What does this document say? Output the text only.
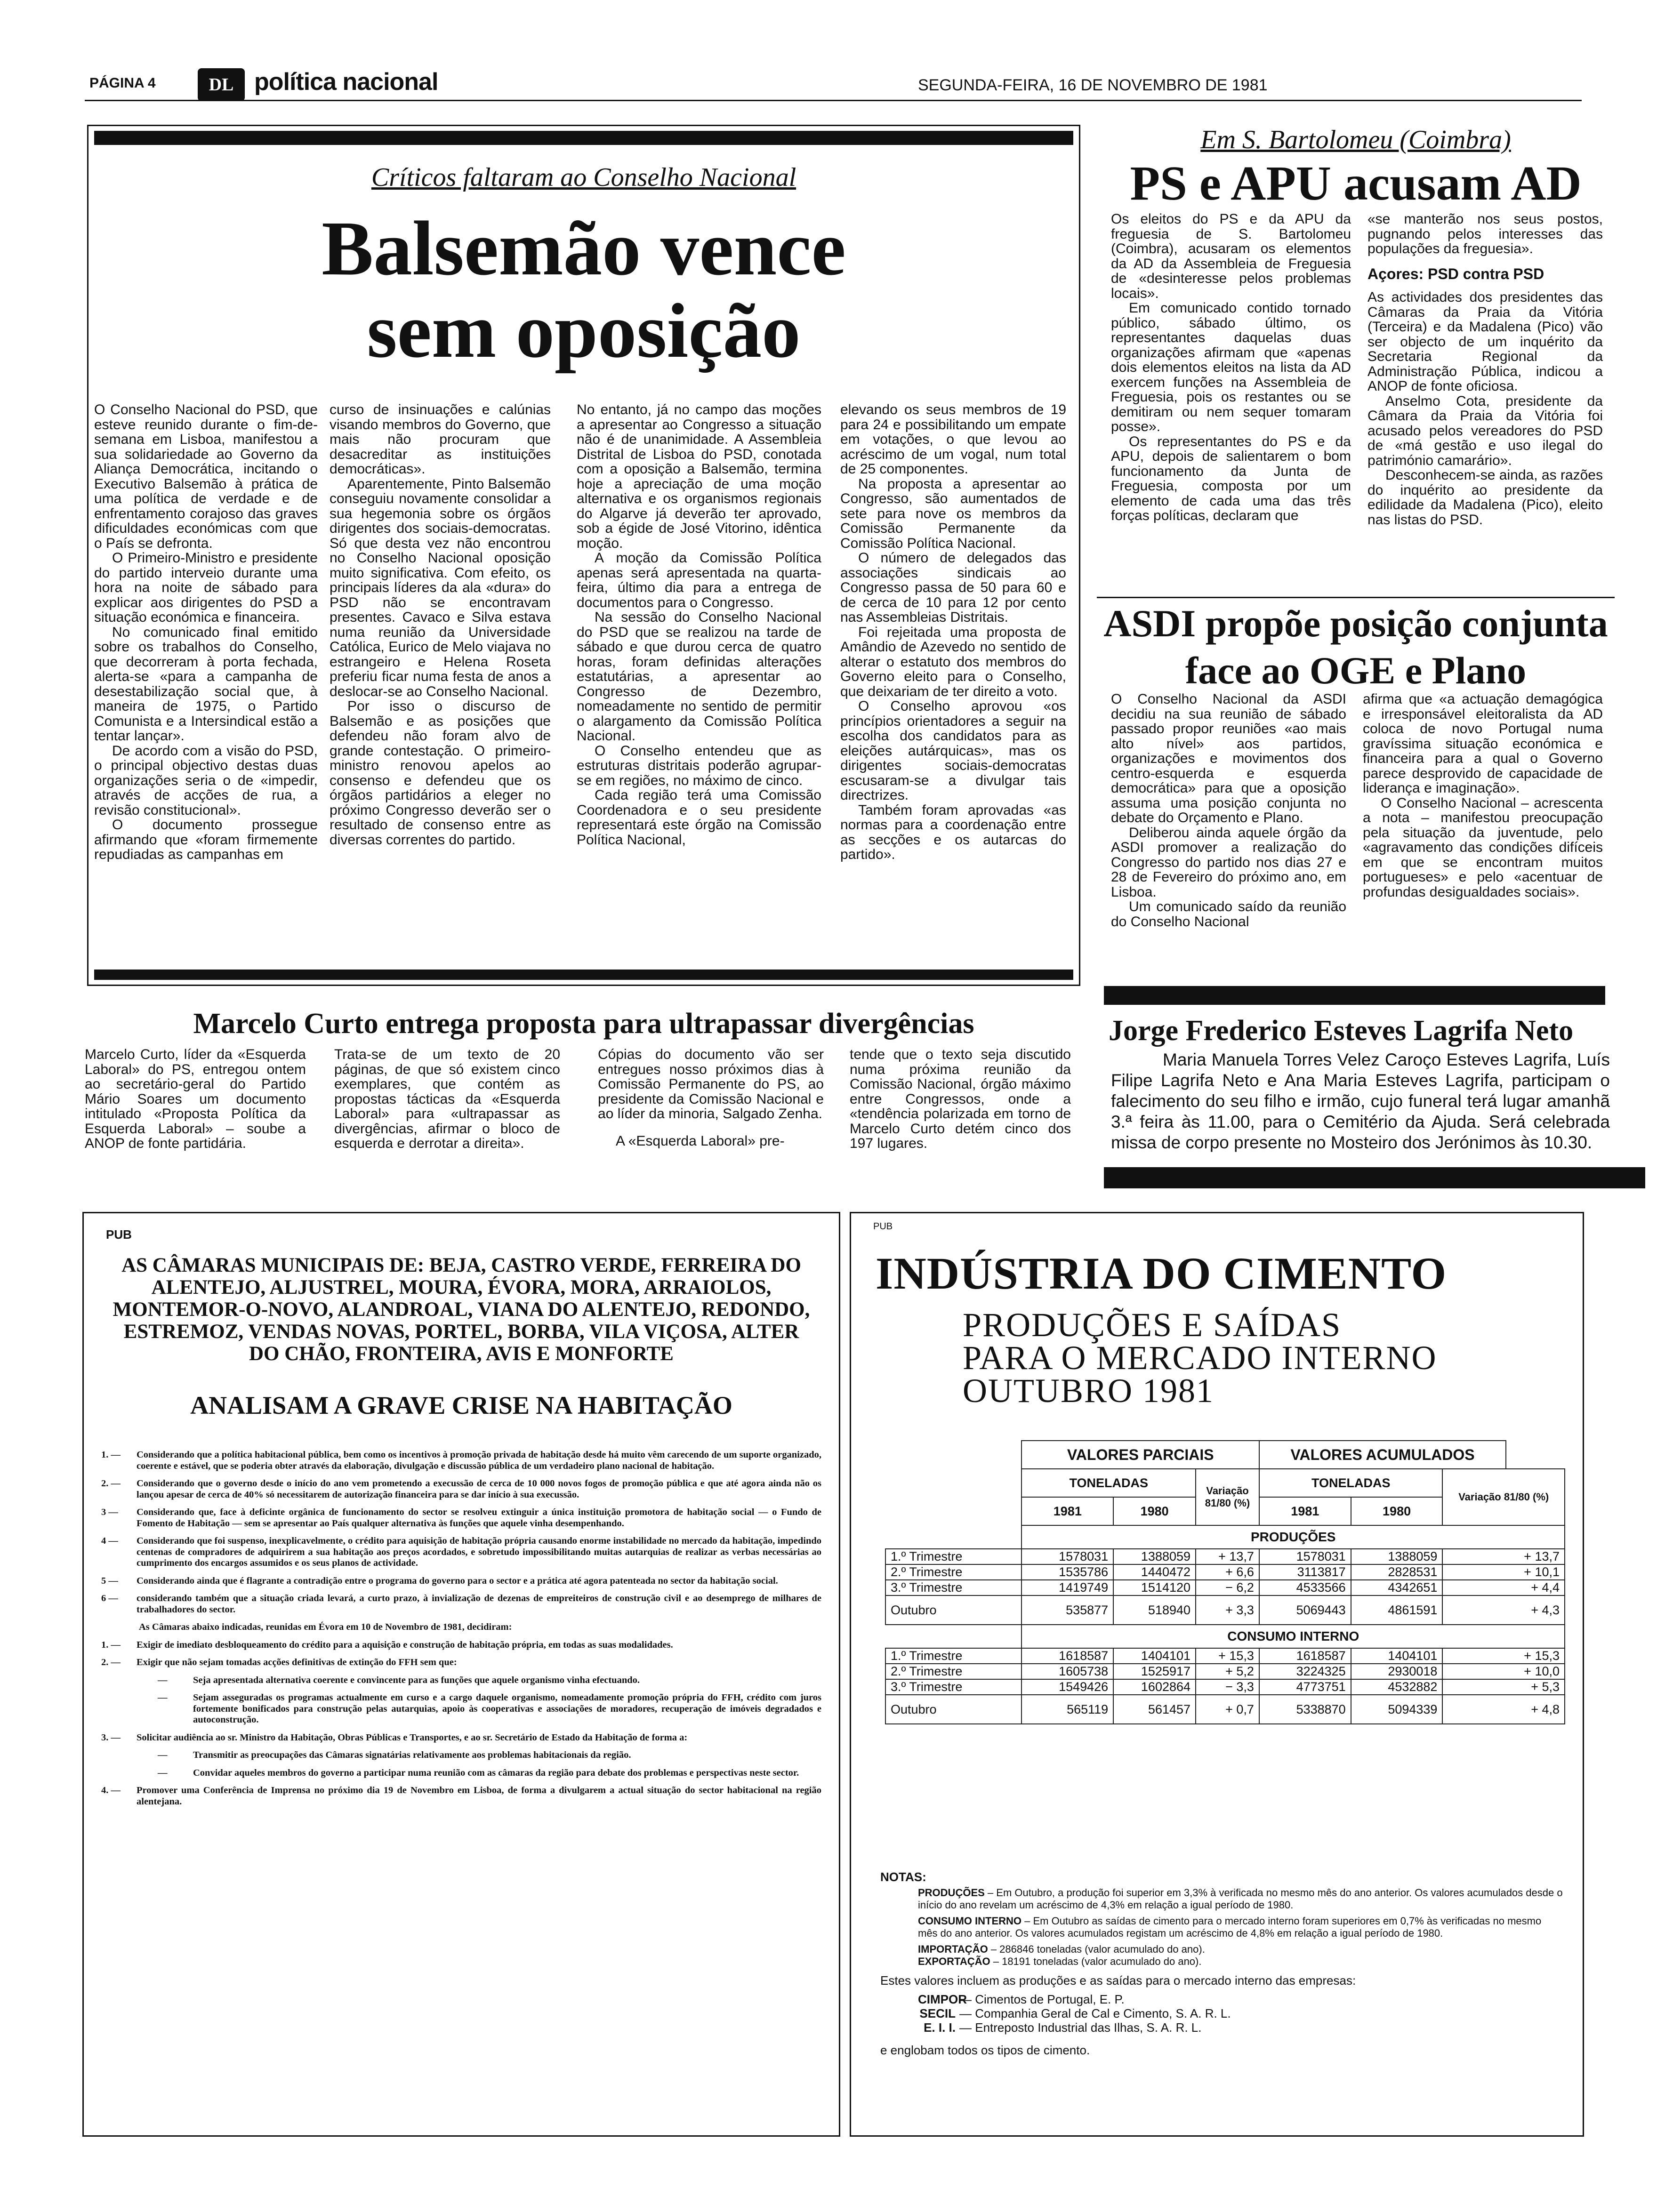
PÁGINA 4	DL política nacional	SEGUNDA-FEIRA, 16 DE NOVEMBRO DE 1981
Críticos faltaram ao Conselho Nacional
Balsemão vence
sem oposição

O Conselho Nacional do PSD, que esteve reunido durante o fim-de-semana em Lisboa, manifestou a sua solidariedade ao Governo da Aliança Democrática, incitando o Executivo Balsemão à prática de uma política de verdade e de enfrentamento corajoso das graves dificuldades económicas com que o País se defronta.

O Primeiro-Ministro e presidente do partido interveio durante uma hora na noite de sábado para explicar aos dirigentes do PSD a situação económica e financeira.

No comunicado final emitido sobre os trabalhos do Conselho, que decorreram à porta fechada, alerta-se «para a campanha de desestabilização social que, à maneira de 1975, o Partido Comunista e a Intersindical estão a tentar lançar».

De acordo com a visão do PSD, o principal objectivo destas duas organizações seria o de «impedir, através de acções de rua, a revisão constitucional».

O documento prossegue afirmando que «foram firmemente repudiadas as campanhas em

curso de insinuações e calúnias visando membros do Governo, que mais não procuram que desacreditar as instituições democráticas».

Aparentemente, Pinto Balsemão conseguiu novamente consolidar a sua hegemonia sobre os órgãos dirigentes dos sociais-democratas. Só que desta vez não encontrou no Conselho Nacional oposição muito significativa. Com efeito, os principais líderes da ala «dura» do PSD não se encontravam presentes. Cavaco e Silva estava numa reunião da Universidade Católica, Eurico de Melo viajava no estrangeiro e Helena Roseta preferiu ficar numa festa de anos a deslocar-se ao Conselho Nacional.

Por isso o discurso de Balsemão e as posições que defendeu não foram alvo de grande contestação. O primeiro-ministro renovou apelos ao consenso e defendeu que os órgãos partidários a eleger no próximo Congresso deverão ser o resultado de consenso entre as diversas correntes do partido.

No entanto, já no campo das moções a apresentar ao Congresso a situação não é de unanimidade. A Assembleia Distrital de Lisboa do PSD, conotada com a oposição a Balsemão, termina hoje a apreciação de uma moção alternativa e os organismos regionais do Algarve já deverão ter aprovado, sob a égide de José Vitorino, idêntica moção.

A moção da Comissão Política apenas será apresentada na quarta-feira, último dia para a entrega de documentos para o Congresso.

Na sessão do Conselho Nacional do PSD que se realizou na tarde de sábado e que durou cerca de quatro horas, foram definidas alterações estatutárias, a apresentar ao Congresso de Dezembro, nomeadamente no sentido de permitir o alargamento da Comissão Política Nacional.

O Conselho entendeu que as estruturas distritais poderão agrupar-se em regiões, no máximo de cinco.

Cada região terá uma Comissão Coordenadora e o seu presidente representará este órgão na Comissão Política Nacional,

elevando os seus membros de 19 para 24 e possibilitando um empate em votações, o que levou ao acréscimo de um vogal, num total de 25 componentes.

Na proposta a apresentar ao Congresso, são aumentados de sete para nove os membros da Comissão Permanente da Comissão Política Nacional.

O número de delegados das associações sindicais ao Congresso passa de 50 para 60 e de cerca de 10 para 12 por cento nas Assembleias Distritais.

Foi rejeitada uma proposta de Amândio de Azevedo no sentido de alterar o estatuto dos membros do Governo eleito para o Conselho, que deixariam de ter direito a voto.

O Conselho aprovou «os princípios orientadores a seguir na escolha dos candidatos para as eleições autárquicas», mas os dirigentes sociais-democratas escusaram-se a divulgar tais directrizes.

Também foram aprovadas «as normas para a coordenação entre as secções e os autarcas do partido».

Em S. Bartolomeu (Coimbra)
PS e APU acusam AD

Os eleitos do PS e da APU da freguesia de S. Bartolomeu (Coimbra), acusaram os elementos da AD da Assembleia de Freguesia de «desinteresse pelos problemas locais».

Em comunicado contido tornado público, sábado último, os representantes daquelas duas organizações afirmam que «apenas dois elementos eleitos na lista da AD exercem funções na Assembleia de Freguesia, pois os restantes ou se demitiram ou nem sequer tomaram posse».

Os representantes do PS e da APU, depois de salientarem o bom funcionamento da Junta de Freguesia, composta por um elemento de cada uma das três forças políticas, declaram que

«se manterão nos seus postos, pugnando pelos interesses das populações da freguesia».

Açores: PSD contra PSD

As actividades dos presidentes das Câmaras da Praia da Vitória (Terceira) e da Madalena (Pico) vão ser objecto de um inquérito da Secretaria Regional da Administração Pública, indicou a ANOP de fonte oficiosa.

Anselmo Cota, presidente da Câmara da Praia da Vitória foi acusado pelos vereadores do PSD de «má gestão e uso ilegal do património camarário».

Desconhecem-se ainda, as razões do inquérito ao presidente da edilidade da Madalena (Pico), eleito nas listas do PSD.

ASDI propõe posição conjunta
face ao OGE e Plano

O Conselho Nacional da ASDI decidiu na sua reunião de sábado passado propor reuniões «ao mais alto nível» aos partidos, organizações e movimentos dos centro-esquerda e esquerda democrática» para que a oposição assuma uma posição conjunta no debate do Orçamento e Plano.

Deliberou ainda aquele órgão da ASDI promover a realização do Congresso do partido nos dias 27 e 28 de Fevereiro do próximo ano, em Lisboa.

Um comunicado saído da reunião do Conselho Nacional

afirma que «a actuação demagógica e irresponsável eleitoralista da AD coloca de novo Portugal numa gravíssima situação económica e financeira para a qual o Governo parece desprovido de capacidade de liderança e imaginação».

O Conselho Nacional – acrescenta a nota – manifestou preocupação pela situação da juventude, pelo «agravamento das condições difíceis em que se encontram muitos portugueses» e pelo «acentuar de profundas desigualdades sociais».

Marcelo Curto entrega proposta para ultrapassar divergências

Marcelo Curto, líder da «Esquerda Laboral» do PS, entregou ontem ao secretário-geral do Partido Mário Soares um documento intitulado «Proposta Política da Esquerda Laboral» – soube a ANOP de fonte partidária.

Trata-se de um texto de 20 páginas, de que só existem cinco exemplares, que contém as propostas tácticas da «Esquerda Laboral» para «ultrapassar as divergências, afirmar o bloco de esquerda e derrotar a direita».

Cópias do documento vão ser entregues nosso próximos dias à Comissão Permanente do PS, ao presidente da Comissão Nacional e ao líder da minoria, Salgado Zenha.

A «Esquerda Laboral» pre-

tende que o texto seja discutido numa próxima reunião da Comissão Nacional, órgão máximo entre Congressos, onde a «tendência polarizada em torno de Marcelo Curto detém cinco dos 197 lugares.

Jorge Frederico Esteves Lagrifa Neto
Maria Manuela Torres Velez Caroço Esteves Lagrifa, Luís Filipe Lagrifa Neto e Ana Maria Esteves Lagrifa, participam o falecimento do seu filho e irmão, cujo funeral terá lugar amanhã 3.ª feira às 11.00, para o Cemitério da Ajuda. Será celebrada missa de corpo presente no Mosteiro dos Jerónimos às 10.30.
PUB
AS CÂMARAS MUNICIPAIS DE: BEJA, CASTRO VERDE, FERREIRA DO ALENTEJO, ALJUSTREL, MOURA, ÉVORA, MORA, ARRAIOLOS, MONTEMOR-O-NOVO, ALANDROAL, VIANA DO ALENTEJO, REDONDO, ESTREMOZ, VENDAS NOVAS, PORTEL, BORBA, VILA VIÇOSA, ALTER DO CHÃO, FRONTEIRA, AVIS E MONFORTE
ANALISAM A GRAVE CRISE NA HABITAÇÃO
1. —	Considerando que a política habitacional pública, bem como os incentivos à promoção privada de habitação desde há muito vêm carecendo de um suporte organizado, coerente e estável, que se poderia obter através da elaboração, divulgação e discussão pública de um verdadeiro plano nacional de habitação.
2. —	Considerando que o governo desde o início do ano vem prometendo a execussão de cerca de 10 000 novos fogos de promoção pública e que até agora ainda não os lançou apesar de cerca de 40% só necessitarem de autorização financeira para se dar início à sua execussão.
3 —	Considerando que, face à deficinte orgânica de funcionamento do sector se resolveu extinguir a única instituição promotora de habitação social — o Fundo de Fomento de Habitação — sem se apresentar ao País qualquer alternativa às funções que aquele vinha desempenhando.
4 —	Considerando que foi suspenso, inexplicavelmente, o crédito para aquisição de habitação própria causando enorme instabilidade no mercado da habitação, impedindo centenas de compradores de adquirirem a sua habitação aos preços acordados, e sobretudo impossibilitando muitas autarquias de realizar as verbas necessárias ao cumprimento dos encargos assumidos e os seus planos de actividade.
5 —	Considerando ainda que é flagrante a contradição entre o programa do governo para o sector e a prática até agora patenteada no sector da habitação social.
6 —	considerando também que a situação criada levará, a curto prazo, à invialização de dezenas de empreiteiros de construção civil e ao desemprego de milhares de trabalhadores do sector.
As Câmaras abaixo indicadas, reunidas em Évora em 10 de Novembro de 1981, decidiram:
1. —	Exigir de imediato desbloqueamento do crédito para a aquisição e construção de habitação própria, em todas as suas modalidades.
2. —	Exigir que não sejam tomadas acções definitivas de extinção do FFH sem que:
—	Seja apresentada alternativa coerente e convincente para as funções que aquele organismo vinha efectuando.
—	Sejam asseguradas os programas actualmente em curso e a cargo daquele organismo, nomeadamente promoção própria do FFH, crédito com juros fortemente bonificados para construção pelas autarquias, apoio às cooperativas e associações de moradores, recuperação de imóveis degradados e autoconstrução.
3. —	Solicitar audiência ao sr. Ministro da Habitação, Obras Públicas e Transportes, e ao sr. Secretário de Estado da Habitação de forma a:
—	Transmitir as preocupações das Câmaras signatárias relativamente aos problemas habitacionais da região.
—	Convidar aqueles membros do governo a participar numa reunião com as câmaras da região para debate dos problemas e perspectivas neste sector.
4. —	Promover uma Conferência de Imprensa no próximo dia 19 de Novembro em Lisboa, de forma a divulgarem a actual situação do sector habitacional na região alentejana.
PUB
INDÚSTRIA DO CIMENTO
PRODUÇÕES E SAÍDAS
PARA O MERCADO INTERNO
OUTUBRO 1981
	VALORES PARCIAIS			VALORES ACUMULADOS			
	TONELADAS		Variação 81/80 (%)	TONELADAS		Variação 81/80 (%)	
	1981	1980		1981	1980		
	PRODUÇÕES						
1.º Trimestre	1578031	1388059	+ 13,7	1578031	1388059	+ 13,7	
2.º Trimestre	1535786	1440472	+ 6,6	3113817	2828531	+ 10,1	
3.º Trimestre	1419749	1514120	− 6,2	4533566	4342651	+ 4,4	
Outubro	535877	518940	+ 3,3	5069443	4861591	+ 4,3	
	CONSUMO INTERNO						
1.º Trimestre	1618587	1404101	+ 15,3	1618587	1404101	+ 15,3	
2.º Trimestre	1605738	1525917	+ 5,2	3224325	2930018	+ 10,0	
3.º Trimestre	1549426	1602864	− 3,3	4773751	4532882	+ 5,3	
Outubro	565119	561457	+ 0,7	5338870	5094339	+ 4,8	
NOTAS:
PRODUÇÕES – Em Outubro, a produção foi superior em 3,3% à verificada no mesmo mês do ano anterior. Os valores acumulados desde o início do ano revelam um acréscimo de 4,3% em relação a igual período de 1980.
CONSUMO INTERNO – Em Outubro as saídas de cimento para o mercado interno foram superiores em 0,7% às verificadas no mesmo mês do ano anterior. Os valores acumulados registam um acréscimo de 4,8% em relação a igual período de 1980.
IMPORTAÇÃO – 286846 toneladas (valor acumulado do ano).
EXPORTAÇÃO – 18191 toneladas (valor acumulado do ano).
Estes valores incluem as produções e as saídas para o mercado interno das empresas:
CIMPOR— Cimentos de Portugal, E. P.
SECIL — Companhia Geral de Cal e Cimento, S. A. R. L.
E. I. I. — Entreposto Industrial das Ilhas, S. A. R. L.
e englobam todos os tipos de cimento.
